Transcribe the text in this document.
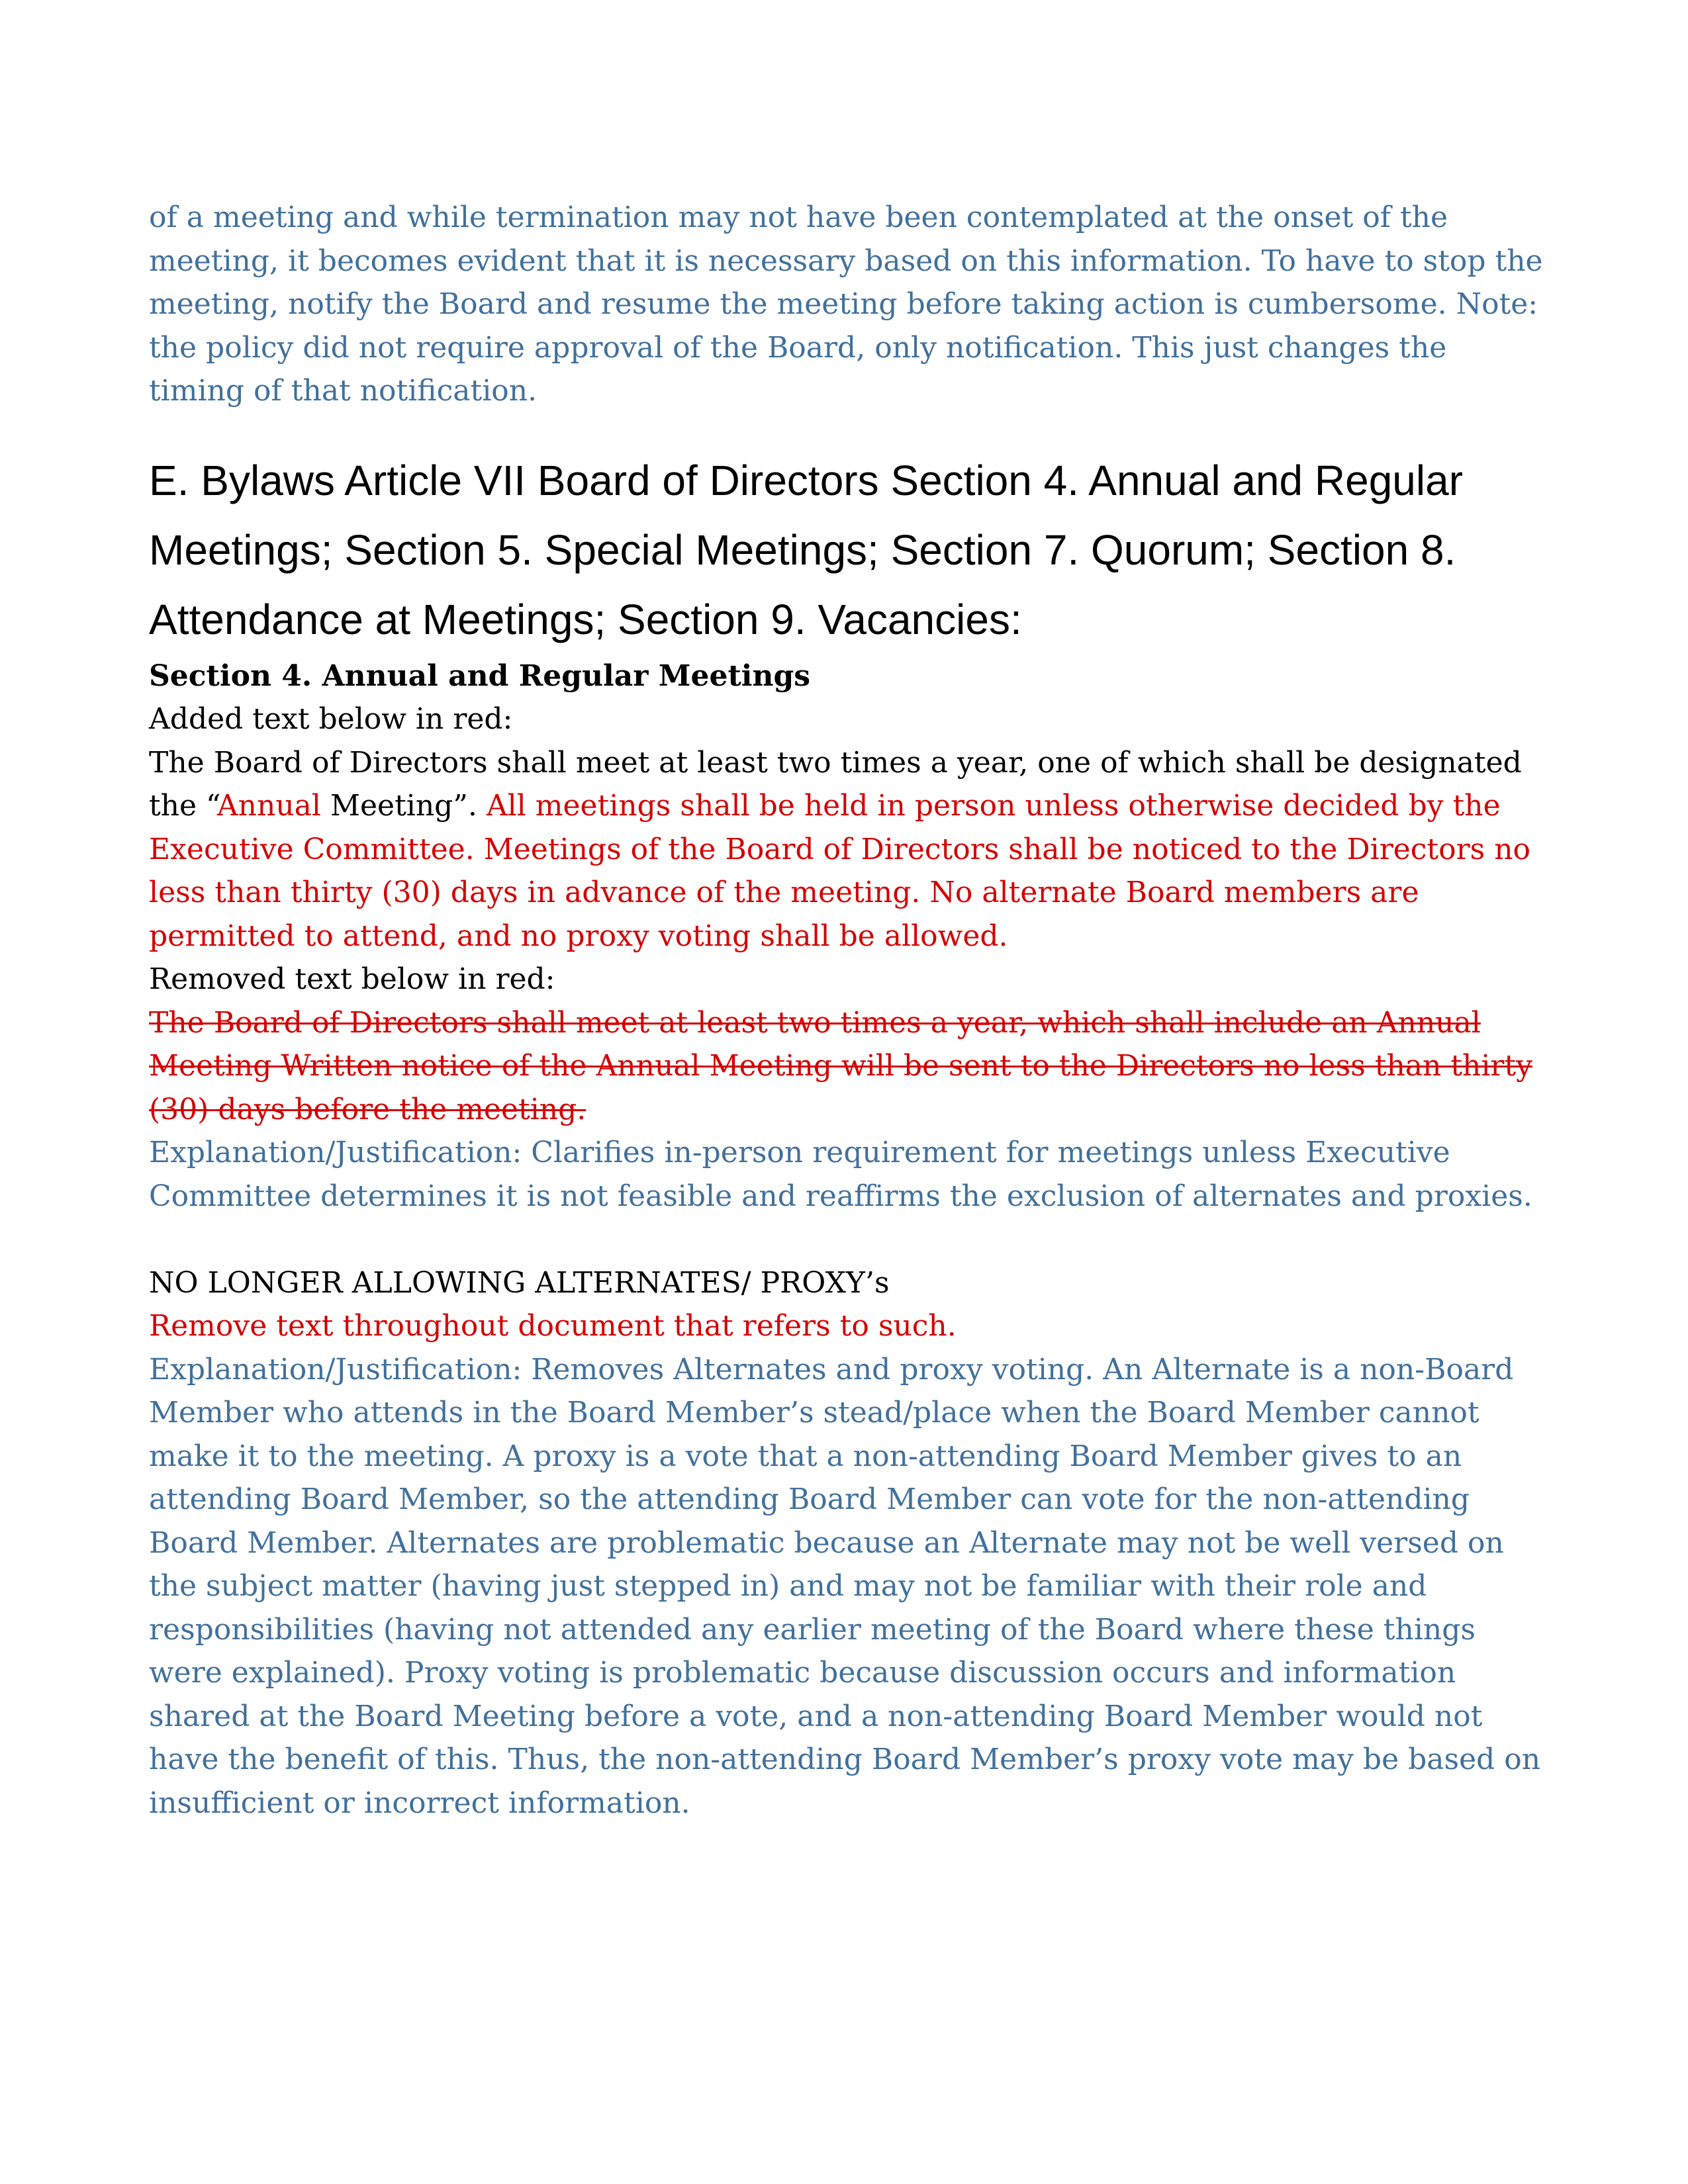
of a meeting and while termination may not have been contemplated at the onset of the meeting, it becomes evident that it is necessary based on this information. To have to stop the meeting, notify the Board and resume the meeting before taking action is cumbersome. Note: the policy did not require approval of the Board, only notification. This just changes the timing of that notification.

E. Bylaws Article VII Board of Directors Section 4. Annual and Regular Meetings; Section 5. Special Meetings; Section 7. Quorum; Section 8. Attendance at Meetings; Section 9. Vacancies:

Section 4. Annual and Regular Meetings

Added text below in red:

The Board of Directors shall meet at least two times a year, one of which shall be designated the “Annual Meeting”. All meetings shall be held in person unless otherwise decided by the Executive Committee. Meetings of the Board of Directors shall be noticed to the Directors no less than thirty (30) days in advance of the meeting. No alternate Board members are permitted to attend, and no proxy voting shall be allowed.

Removed text below in red:

The Board of Directors shall meet at least two times a year, which shall include an Annual Meeting Written notice of the Annual Meeting will be sent to the Directors no less than thirty (30) days before the meeting.

Explanation/Justification: Clarifies in-person requirement for meetings unless Executive Committee determines it is not feasible and reaffirms the exclusion of alternates and proxies.

NO LONGER ALLOWING ALTERNATES/ PROXY’s

Remove text throughout document that refers to such.

Explanation/Justification: Removes Alternates and proxy voting. An Alternate is a non-Board Member who attends in the Board Member’s stead/place when the Board Member cannot make it to the meeting. A proxy is a vote that a non-attending Board Member gives to an attending Board Member, so the attending Board Member can vote for the non-attending Board Member. Alternates are problematic because an Alternate may not be well versed on the subject matter (having just stepped in) and may not be familiar with their role and responsibilities (having not attended any earlier meeting of the Board where these things were explained). Proxy voting is problematic because discussion occurs and information shared at the Board Meeting before a vote, and a non-attending Board Member would not have the benefit of this. Thus, the non-attending Board Member’s proxy vote may be based on insufficient or incorrect information.
